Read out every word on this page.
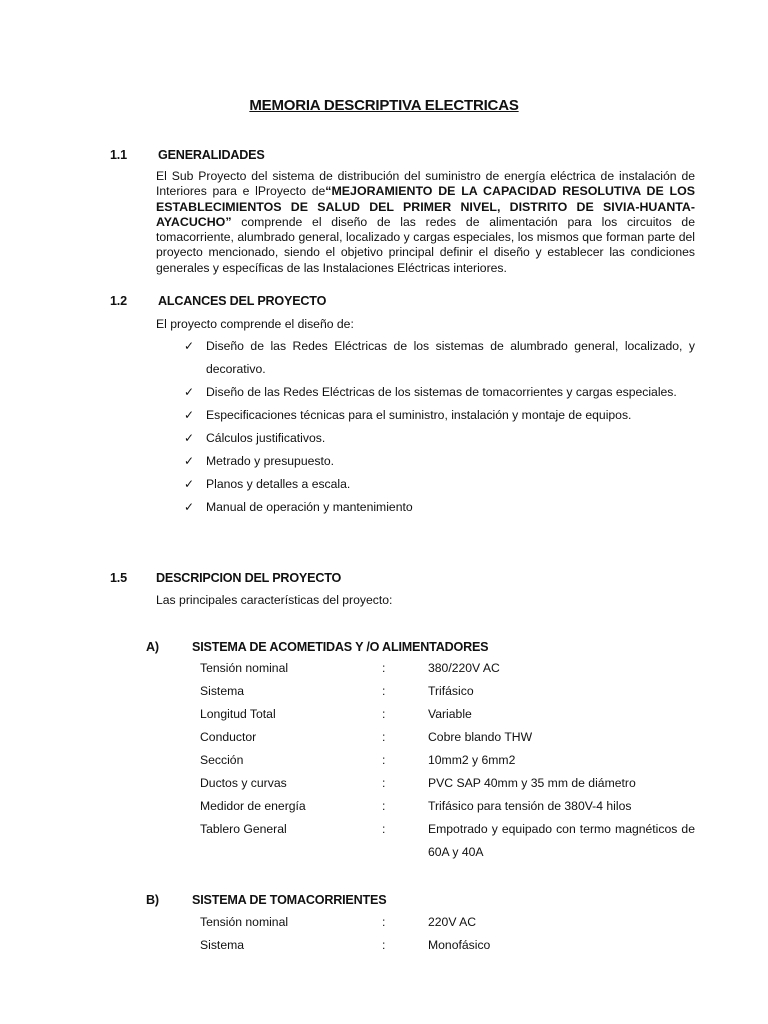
MEMORIA DESCRIPTIVA ELECTRICAS
1.1 GENERALIDADES
El Sub Proyecto del sistema de distribución del suministro de energía eléctrica de instalación de Interiores para e lProyecto de“MEJORAMIENTO DE LA CAPACIDAD RESOLUTIVA DE LOS ESTABLECIMIENTOS DE SALUD DEL PRIMER NIVEL, DISTRITO DE SIVIA-HUANTA-AYACUCHO” comprende el diseño de las redes de alimentación para los circuitos de tomacorriente, alumbrado general, localizado y cargas especiales, los mismos que forman parte del proyecto mencionado, siendo el objetivo principal definir el diseño y establecer las condiciones generales y específicas de las Instalaciones Eléctricas interiores.
1.2 ALCANCES DEL PROYECTO
El proyecto comprende el diseño de:
✓ Diseño de las Redes Eléctricas de los sistemas de alumbrado general, localizado, y decorativo.
✓ Diseño de las Redes Eléctricas de los sistemas de tomacorrientes y cargas especiales.
✓ Especificaciones técnicas para el suministro, instalación y montaje de equipos.
✓ Cálculos justificativos.
✓ Metrado y presupuesto.
✓ Planos y detalles a escala.
✓ Manual de operación y mantenimiento
1.5 DESCRIPCION DEL PROYECTO
Las principales características del proyecto:
A)	SISTEMA DE ACOMETIDAS Y /O ALIMENTADORES
Tensión nominal	:	380/220V AC
Sistema	:	Trifásico
Longitud Total	:	Variable
Conductor	:	Cobre blando THW
Sección	:	10mm2 y 6mm2
Ductos y curvas	:	PVC SAP 40mm y 35 mm de diámetro
Medidor de energía	:	Trifásico para tensión de 380V-4 hilos
Tablero General	:	Empotrado y equipado con termo magnéticos de 60A y 40A
B)	SISTEMA DE TOMACORRIENTES
Tensión nominal	:	220V AC
Sistema	:	Monofásico
